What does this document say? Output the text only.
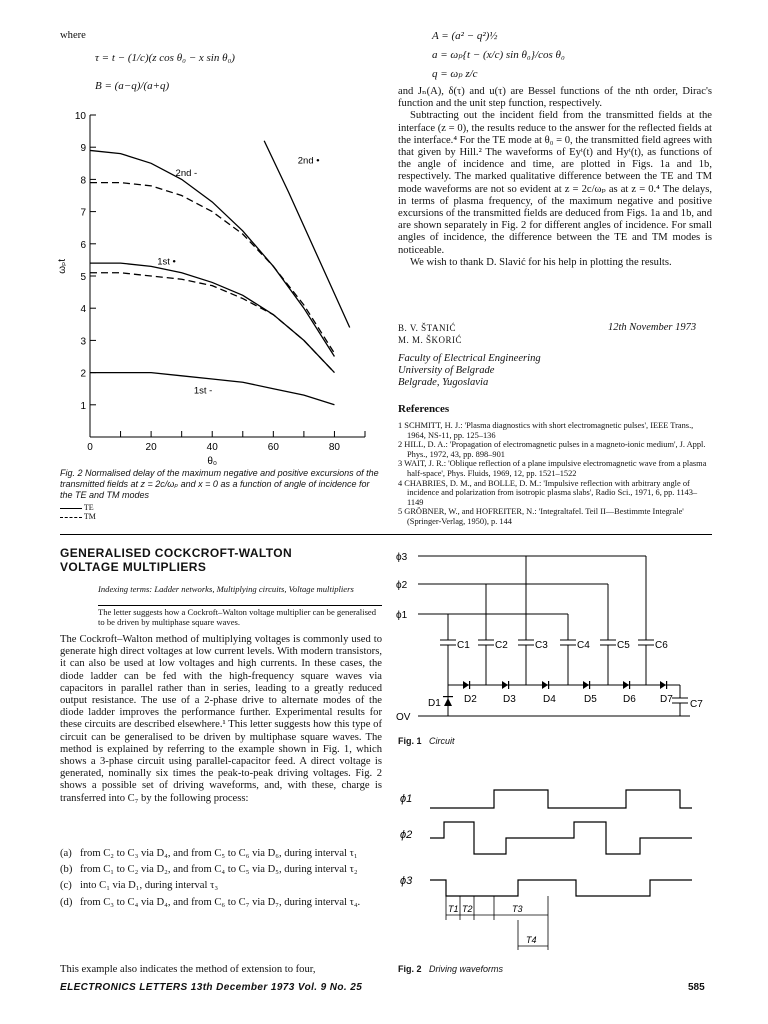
where
τ = t − (1/c)(z cos θ₀ − x sin θ₀)
B = (a−q)/(a+q)
1
2
3
4
5
6
7
8
9
10
0	20	40	60	80
θ₀
ωₚt
2nd -
1st •
1st -
2nd •
Fig. 2 Normalised delay of the maximum negative and positive excursions of the transmitted fields at z = 2c/ωₚ and x = 0 as a function of angle of incidence for the TE and TM modes
TE
TM
A = (a² − q²)½
a = ωₚ{t − (x/c) sin θ₀}/cos θ₀
q = ωₚ z/c
and Jₙ(A), δ(τ) and u(τ) are Bessel functions of the nth order, Dirac's function and the unit step function, respectively.
Subtracting out the incident field from the transmitted fields at the interface (z = 0), the results reduce to the answer for the reflected fields at the interface.⁴ For the TE mode at θ₀ = 0, the transmitted field agrees with that given by Hill.² The waveforms of Eyᵗ(t) and Hyᵗ(t), as functions of the angle of incidence and time, are plotted in Figs. 1a and 1b, respectively. The marked qualitative difference between the TE and TM mode waveforms are not so evident at z = 2c/ωₚ as at z = 0.⁴ The delays, in terms of plasma frequency, of the maximum negative and positive excursions of the transmitted fields are deduced from Figs. 1a and 1b, and are shown separately in Fig. 2 for different angles of incidence. For small angles of incidence, the difference between the TE and TM modes is noticeable.
We wish to thank D. Slavić for his help in plotting the results.
B. V. ŠTANIĆ
M. M. ŠKORIĆ
12th November 1973
Faculty of Electrical Engineering
University of Belgrade
Belgrade, Yugoslavia
References
1 SCHMITT, H. J.: 'Plasma diagnostics with short electromagnetic pulses', IEEE Trans., 1964, NS-11, pp. 125–136
2 HILL, D. A.: 'Propagation of electromagnetic pulses in a magneto-ionic medium', J. Appl. Phys., 1972, 43, pp. 898–901
3 WAIT, J. R.: 'Oblique reflection of a plane impulsive electromagnetic wave from a plasma half-space', Phys. Fluids, 1969, 12, pp. 1521–1522
4 CHABRIES, D. M., and BOLLE, D. M.: 'Impulsive reflection with arbitrary angle of incidence and polarization from isotropic plasma slabs', Radio Sci., 1971, 6, pp. 1143–1149
5 GRÖBNER, W., and HOFREITER, N.: 'Integraltafel. Teil II—Bestimmte Integrale' (Springer-Verlag, 1950), p. 144
GENERALISED COCKCROFT-WALTON
VOLTAGE MULTIPLIERS
Indexing terms: Ladder networks, Multiplying circuits, Voltage multipliers
The letter suggests how a Cockroft–Walton voltage multiplier can be generalised to be driven by multiphase square waves.
The Cockroft–Walton method of multiplying voltages is commonly used to generate high direct voltages at low current levels. With modern transistors, it can also be used at low voltages and high currents. In these cases, the diode ladder can be fed with the high-frequency square waves via capacitors in parallel rather than in series, leading to a greatly reduced output resistance. The use of a 2-phase drive to alternate modes of the diode ladder improves the performance further. Experimental results for these circuits are described elsewhere.¹ This letter suggests how this type of circuit can be generalised to be driven by multiphase square waves. The method is explained by referring to the example shown in Fig. 1, which shows a 3-phase circuit using parallel-capacitor feed. A direct voltage is generated, nominally six times the peak-to-peak driving voltages. Fig. 2 shows a possible set of driving waveforms, and, with these, charge is transferred into C₇ by the following process:
(a) from C₂ to C₃ via D₄, and from C₅ to C₆ via D₆, during interval τ₁
(b) from C₁ to C₂ via D₂, and from C₄ to C₅ via D₅, during interval τ₂
(c) into C₁ via D₁, during interval τ₃
(d) from C₃ to C₄ via D₄, and from C₆ to C₇ via D₇, during interval τ₄.
This example also indicates the method of extension to four,
ϕ3
ϕ2
ϕ1
OV
C1	C2	C3	C4	C5	C6
C7
D1 D2	D3	D4	D5	D6 D7
Fig. 1 Circuit
ϕ1
ϕ2
ϕ3
T1 T2	T3
T4
Fig. 2 Driving waveforms
ELECTRONICS LETTERS 13th December 1973 Vol. 9 No. 25	585
